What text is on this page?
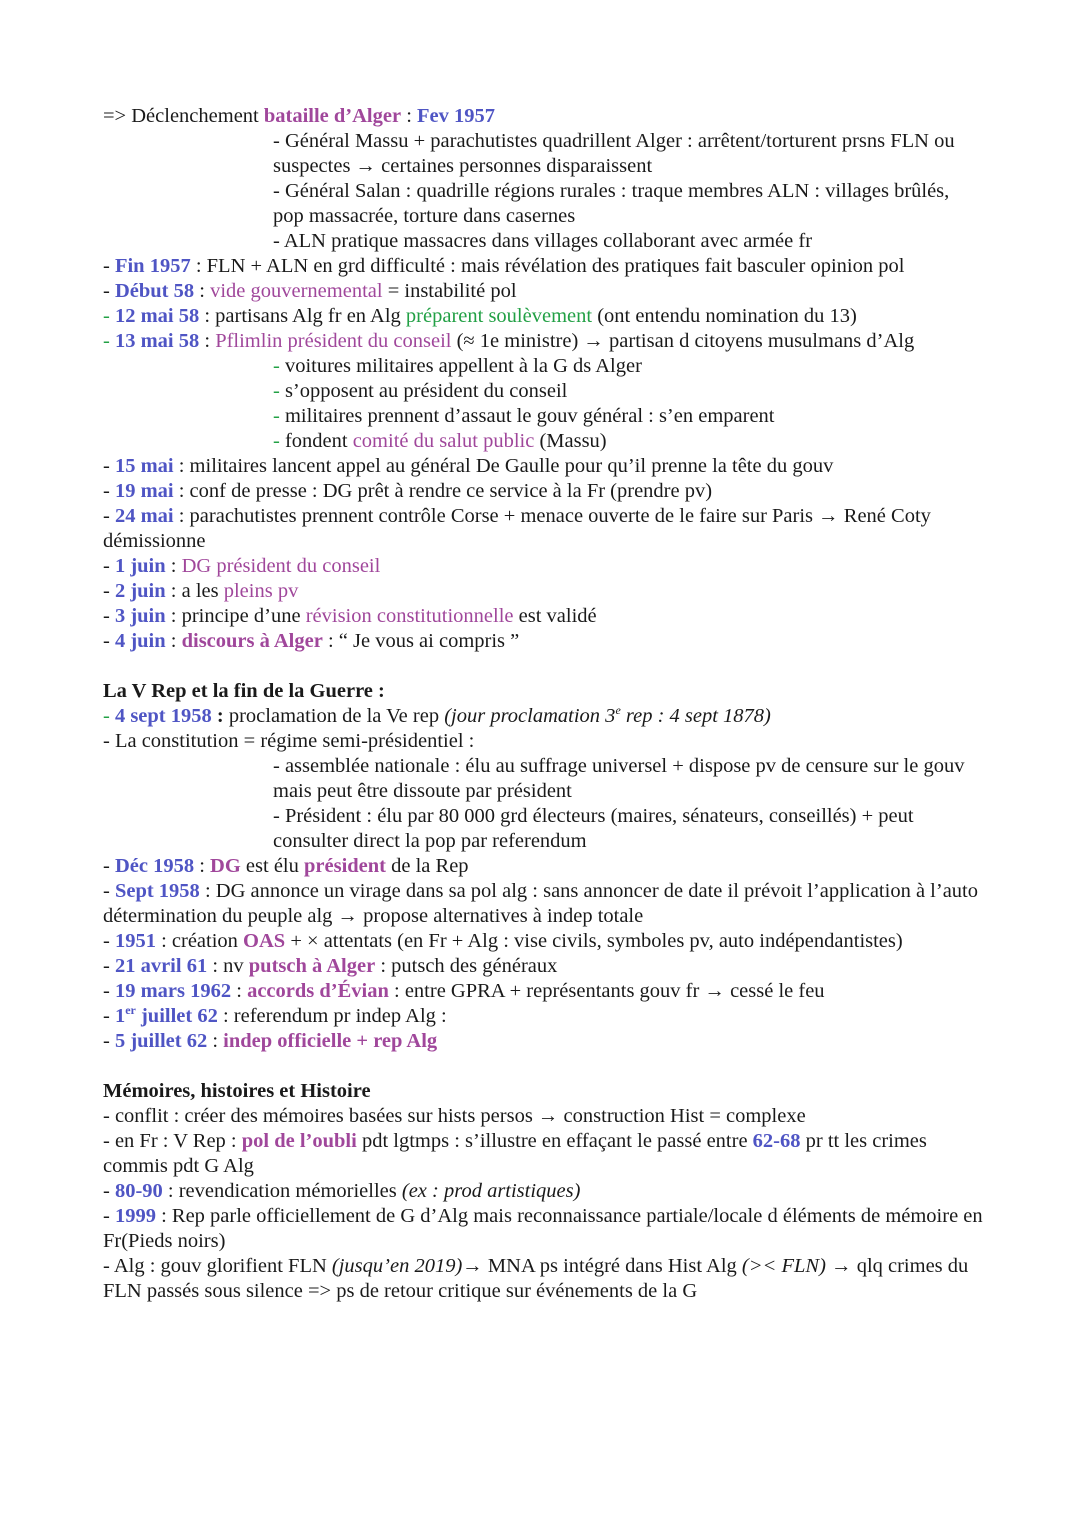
=> Déclenchement bataille d’Alger : Fev 1957
- Général Massu + parachutistes quadrillent Alger : arrêtent/torturent prsns FLN ou suspectes → certaines personnes disparaissent
- Général Salan : quadrille régions rurales : traque membres ALN : villages brûlés, pop massacrée, torture dans casernes
- ALN pratique massacres dans villages collaborant avec armée fr
- Fin 1957 : FLN + ALN en grd difficulté : mais révélation des pratiques fait basculer opinion pol
- Début 58 : vide gouvernemental = instabilité pol
- 12 mai 58 : partisans Alg fr en Alg préparent soulèvement (ont entendu nomination du 13)
- 13 mai 58 : Pflimlin président du conseil (≈ 1e ministre) → partisan d citoyens musulmans d’Alg
- voitures militaires appellent à la G ds Alger
- s’opposent au président du conseil
- militaires prennent d’assaut le gouv général : s’en emparent
- fondent comité du salut public (Massu)
- 15 mai : militaires lancent appel au général De Gaulle pour qu’il prenne la tête du gouv
- 19 mai : conf de presse : DG prêt à rendre ce service à la Fr (prendre pv)
- 24 mai : parachutistes prennent contrôle Corse + menace ouverte de le faire sur Paris → René Coty démissionne
- 1 juin : DG président du conseil
- 2 juin : a les pleins pv
- 3 juin : principe d’une révision constitutionnelle est validé
- 4 juin : discours à Alger : “ Je vous ai compris ”
La V Rep et la fin de la Guerre :
- 4 sept 1958 : proclamation de la Ve rep (jour proclamation 3e rep : 4 sept 1878)
- La constitution = régime semi-présidentiel :
- assemblée nationale : élu au suffrage universel + dispose pv de censure sur le gouv mais peut être dissoute par président
- Président : élu par 80 000 grd électeurs (maires, sénateurs, conseillés) + peut consulter direct la pop par referendum
- Déc 1958 : DG est élu président de la Rep
- Sept 1958 : DG annonce un virage dans sa pol alg : sans annoncer de date il prévoit l’application à l’auto détermination du peuple alg → propose alternatives à indep totale
- 1951 : création OAS + × attentats (en Fr + Alg : vise civils, symboles pv, auto indépendantistes)
- 21 avril 61 : nv putsch à Alger : putsch des généraux
- 19 mars 1962 : accords d’Évian : entre GPRA + représentants gouv fr → cessé le feu
- 1er juillet 62 : referendum pr indep Alg :
- 5 juillet 62 : indep officielle + rep Alg
Mémoires, histoires et Histoire
- conflit : créer des mémoires basées sur hists persos → construction Hist = complexe
- en Fr : V Rep : pol de l’oubli pdt lgtmps : s’illustre en effaçant le passé entre 62-68 pr tt les crimes commis pdt G Alg
- 80-90 : revendication mémorielles (ex : prod artistiques)
- 1999 : Rep parle officiellement de G d’Alg mais reconnaissance partiale/locale d éléments de mémoire en Fr(Pieds noirs)
- Alg : gouv glorifient FLN (jusqu’en 2019)→ MNA ps intégré dans Hist Alg (>< FLN) → qlq crimes du FLN passés sous silence => ps de retour critique sur événements de la G
